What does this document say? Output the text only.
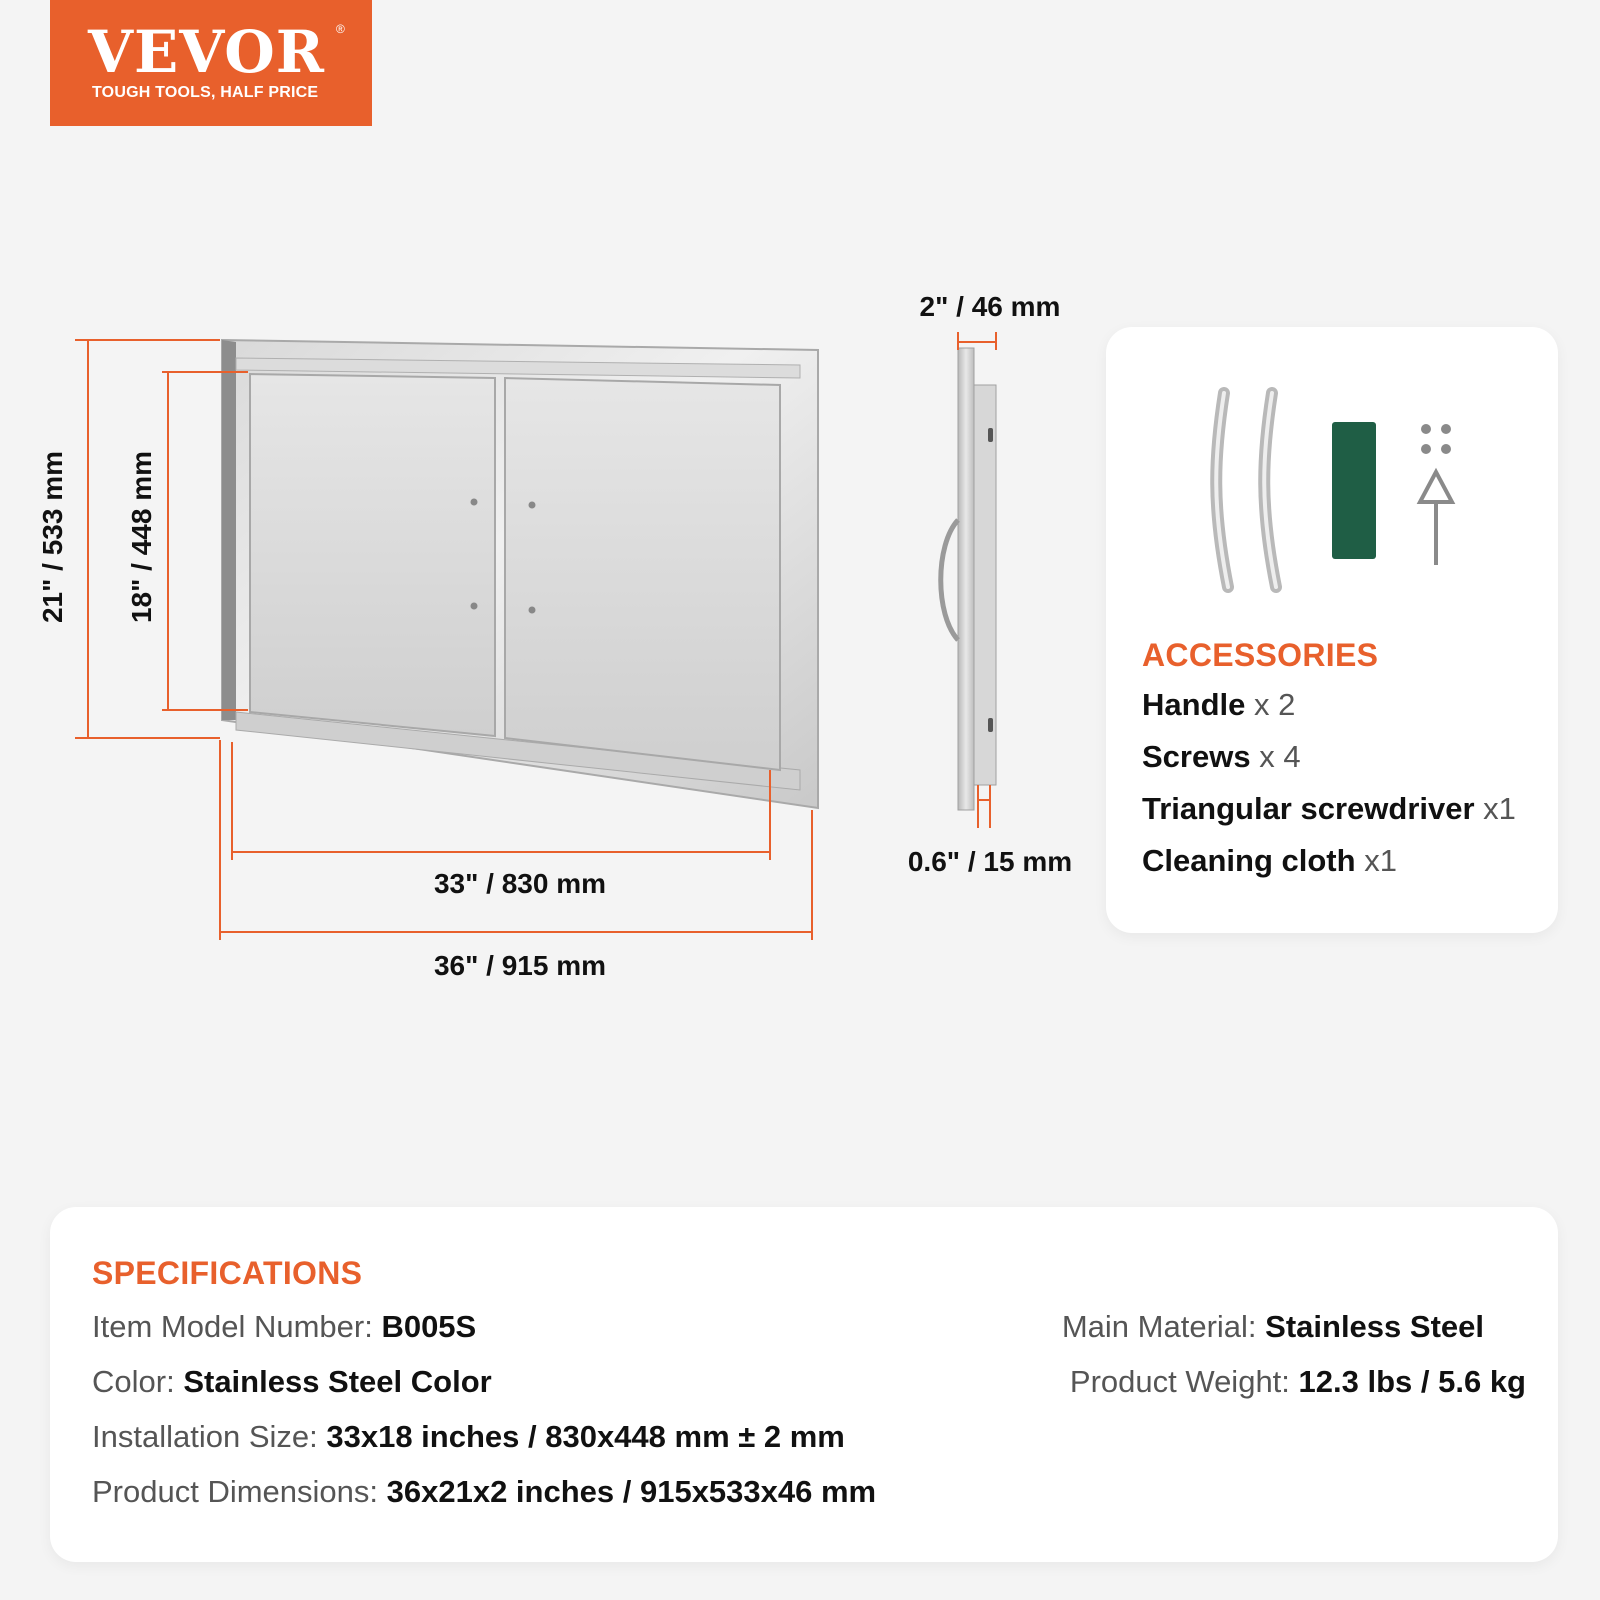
VEVOR ®
TOUGH TOOLS, HALF PRICE
21" / 533 mm 18" / 448 mm
33" / 830 mm
36" / 915 mm
2" / 46 mm
0.6" / 15 mm
ACCESSORIES
Handle x 2
Screws x 4
Triangular screwdriver x1
Cleaning cloth x1
SPECIFICATIONS
Item Model Number: B005S
Color: Stainless Steel Color
Installation Size: 33x18 inches / 830x448 mm ± 2 mm
Product Dimensions: 36x21x2 inches / 915x533x46 mm
Main Material: Stainless Steel
Product Weight: 12.3 lbs / 5.6 kg
